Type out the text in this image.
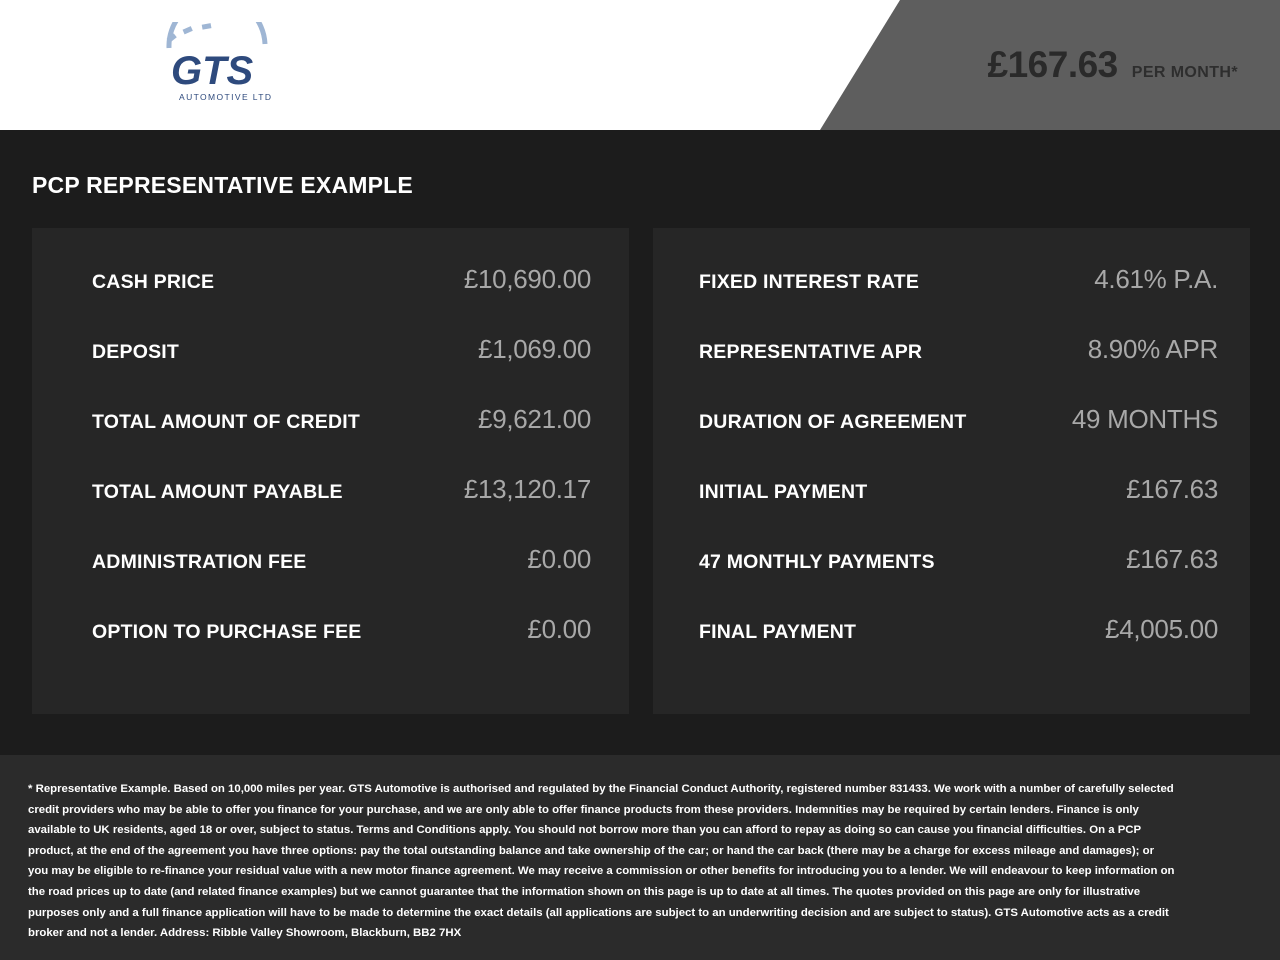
GTS
AUTOMOTIVE LTD
£167.63 PER MONTH*
PCP REPRESENTATIVE EXAMPLE
CASH PRICE	£10,690.00
DEPOSIT	£1,069.00
TOTAL AMOUNT OF CREDIT	£9,621.00
TOTAL AMOUNT PAYABLE	£13,120.17
ADMINISTRATION FEE	£0.00
OPTION TO PURCHASE FEE	£0.00
FIXED INTEREST RATE	4.61% P.A.
REPRESENTATIVE APR	8.90% APR
DURATION OF AGREEMENT	49 MONTHS
INITIAL PAYMENT	£167.63
47 MONTHLY PAYMENTS	£167.63
FINAL PAYMENT	£4,005.00

* Representative Example. Based on 10,000 miles per year. GTS Automotive is authorised and regulated by the Financial Conduct Authority, registered number 831433. We work with a number of carefully selected credit providers who may be able to offer you finance for your purchase, and we are only able to offer finance products from these providers. Indemnities may be required by certain lenders. Finance is only available to UK residents, aged 18 or over, subject to status. Terms and Conditions apply. You should not borrow more than you can afford to repay as doing so can cause you financial difficulties. On a PCP product, at the end of the agreement you have three options: pay the total outstanding balance and take ownership of the car; or hand the car back (there may be a charge for excess mileage and damages); or you may be eligible to re-finance your residual value with a new motor finance agreement. We may receive a commission or other benefits for introducing you to a lender. We will endeavour to keep information on the road prices up to date (and related finance examples) but we cannot guarantee that the information shown on this page is up to date at all times. The quotes provided on this page are only for illustrative purposes only and a full finance application will have to be made to determine the exact details (all applications are subject to an underwriting decision and are subject to status). GTS Automotive acts as a credit broker and not a lender. Address: Ribble Valley Showroom, Blackburn, BB2 7HX
